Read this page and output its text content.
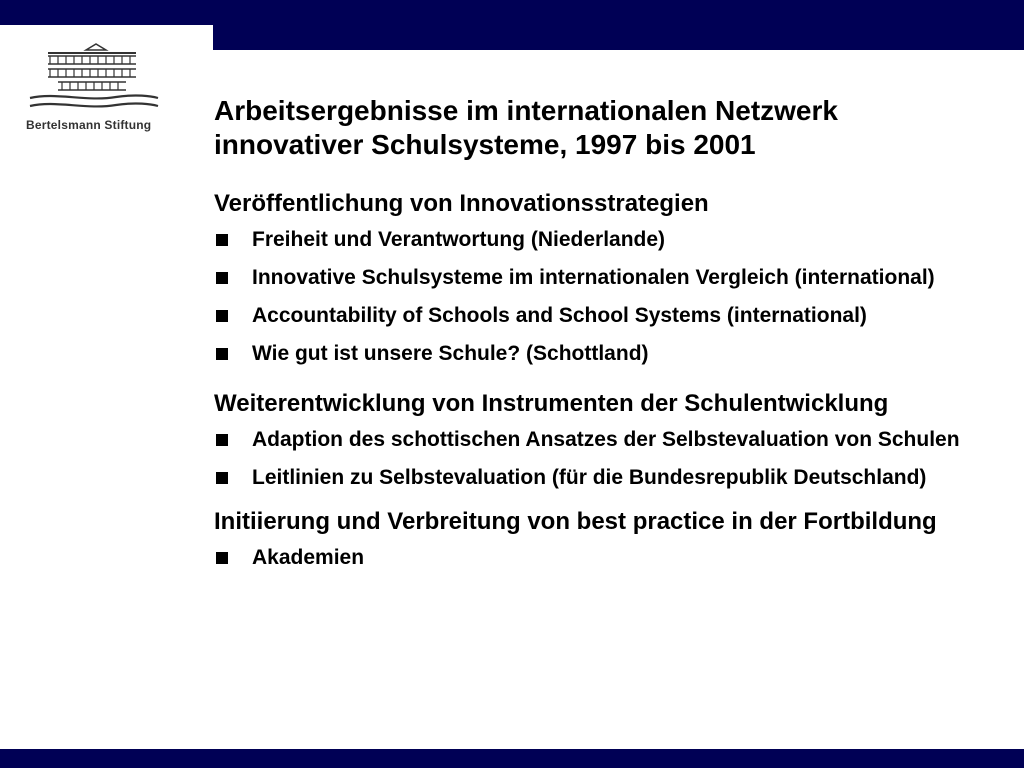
Bertelsmann Stiftung	Arbeitsergebnisse im internationalen Netzwerk
innovativer Schulsysteme, 1997 bis 2001
Veröffentlichung von Innovationsstrategien
Freiheit und Verantwortung (Niederlande)
Innovative Schulsysteme im internationalen Vergleich (international)
Accountability of Schools and School Systems (international)
Wie gut ist unsere Schule? (Schottland)
Weiterentwicklung von Instrumenten der Schulentwicklung
Adaption des schottischen Ansatzes der Selbstevaluation von Schulen
Leitlinien zu Selbstevaluation (für die Bundesrepublik Deutschland)
Initiierung und Verbreitung von best practice in der Fortbildung
Akademien
